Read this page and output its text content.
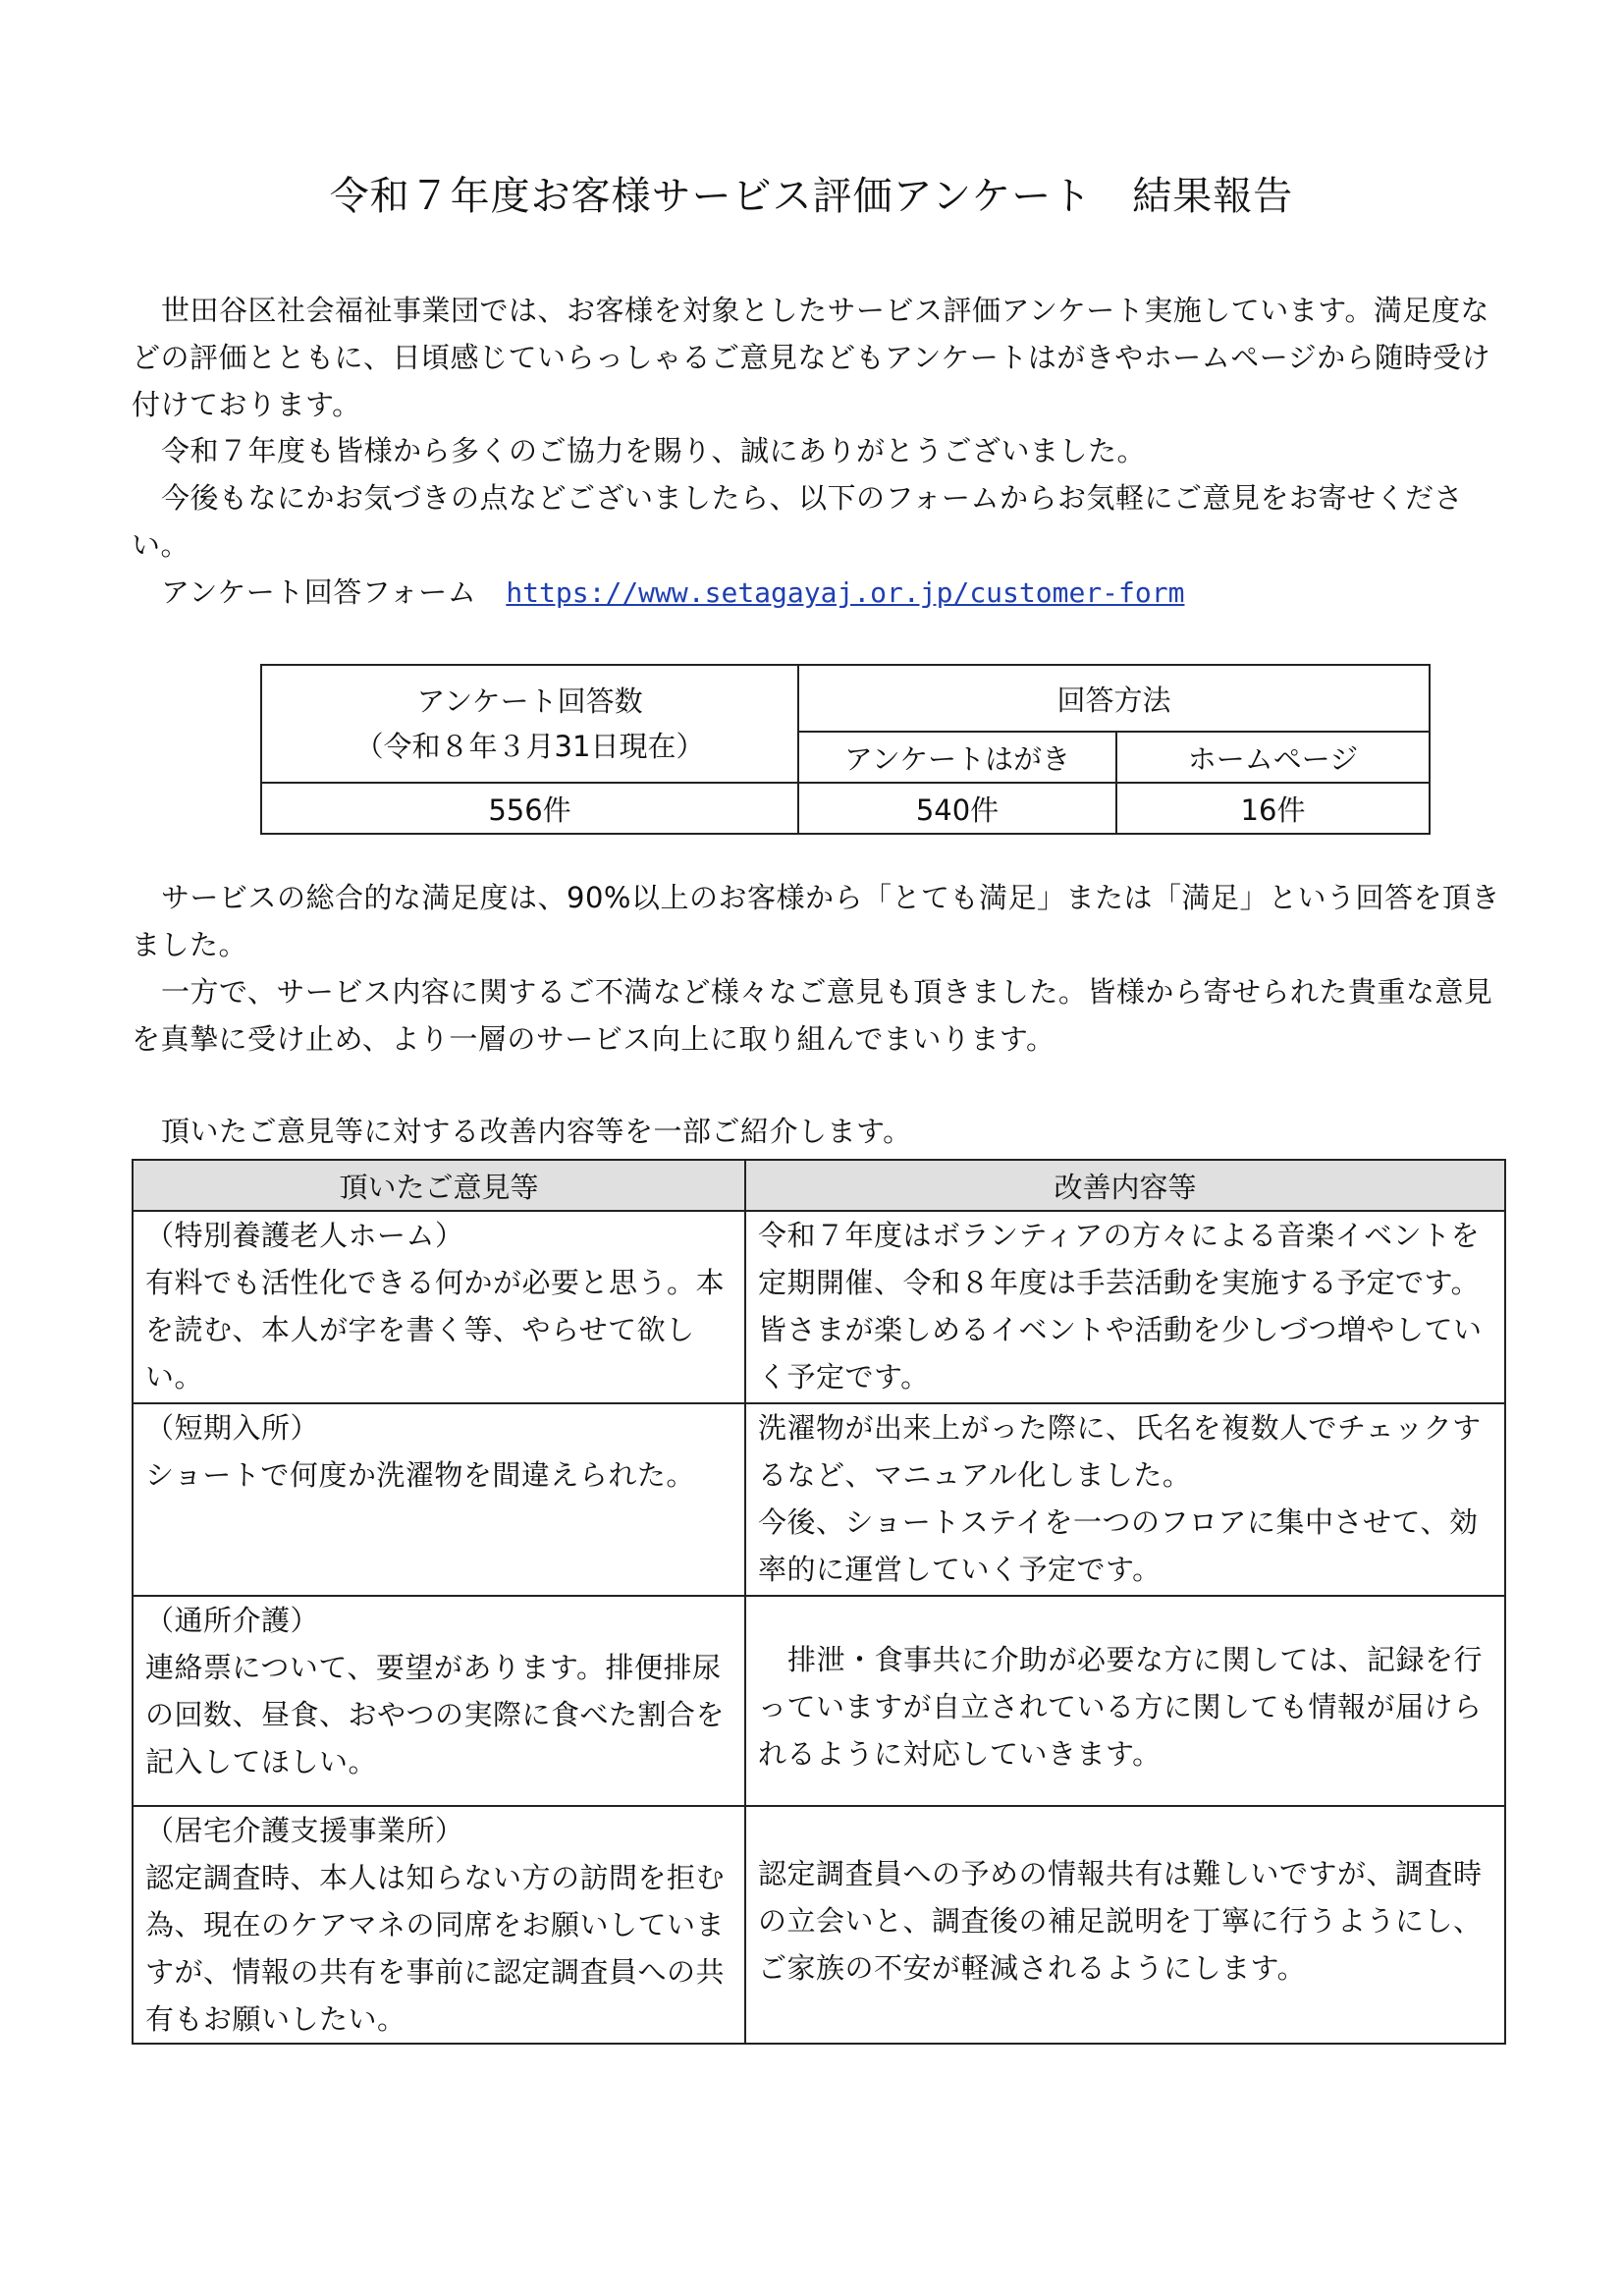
令和７年度お客様サービス評価アンケート　結果報告
世田谷区社会福祉事業団では、お客様を対象としたサービス評価アンケート実施しています。満足度などの評価とともに、日頃感じていらっしゃるご意見などもアンケートはがきやホームページから随時受け付けております。
令和７年度も皆様から多くのご協力を賜り、誠にありがとうございました。
今後もなにかお気づきの点などございましたら、以下のフォームからお気軽にご意見をお寄せください。
アンケート回答フォーム https://www.setagayaj.or.jp/customer-form
アンケート回答数
（令和８年３月31日現在）	回答方法	
	アンケートはがき	ホームページ
556件	540件	16件
サービスの総合的な満足度は、90%以上のお客様から「とても満足」または「満足」という回答を頂きました。
一方で、サービス内容に関するご不満など様々なご意見も頂きました。皆様から寄せられた貴重な意見を真摯に受け止め、より一層のサービス向上に取り組んでまいります。
頂いたご意見等に対する改善内容等を一部ご紹介します。
頂いたご意見等	改善内容等

（特別養護老人ホーム）
有料でも活性化できる何かが必要と思う。本を読む、本人が字を書く等、やらせて欲しい。	令和７年度はボランティアの方々による音楽イベントを定期開催、令和８年度は手芸活動を実施する予定です。皆さまが楽しめるイベントや活動を少しづつ増やしていく予定です。

（短期入所）
ショートで何度か洗濯物を間違えられた。	洗濯物が出来上がった際に、氏名を複数人でチェックするなど、マニュアル化しました。
今後、ショートステイを一つのフロアに集中させて、効率的に運営していく予定です。

（通所介護）
連絡票について、要望があります。排便排尿の回数、昼食、おやつの実際に食べた割合を記入してほしい。	排泄・食事共に介助が必要な方に関しては、記録を行っていますが自立されている方に関しても情報が届けられるように対応していきます。

（居宅介護支援事業所）
認定調査時、本人は知らない方の訪問を拒む為、現在のケアマネの同席をお願いしていますが、情報の共有を事前に認定調査員への共有もお願いしたい。	認定調査員への予めの情報共有は難しいですが、調査時の立会いと、調査後の補足説明を丁寧に行うようにし、ご家族の不安が軽減されるようにします。
